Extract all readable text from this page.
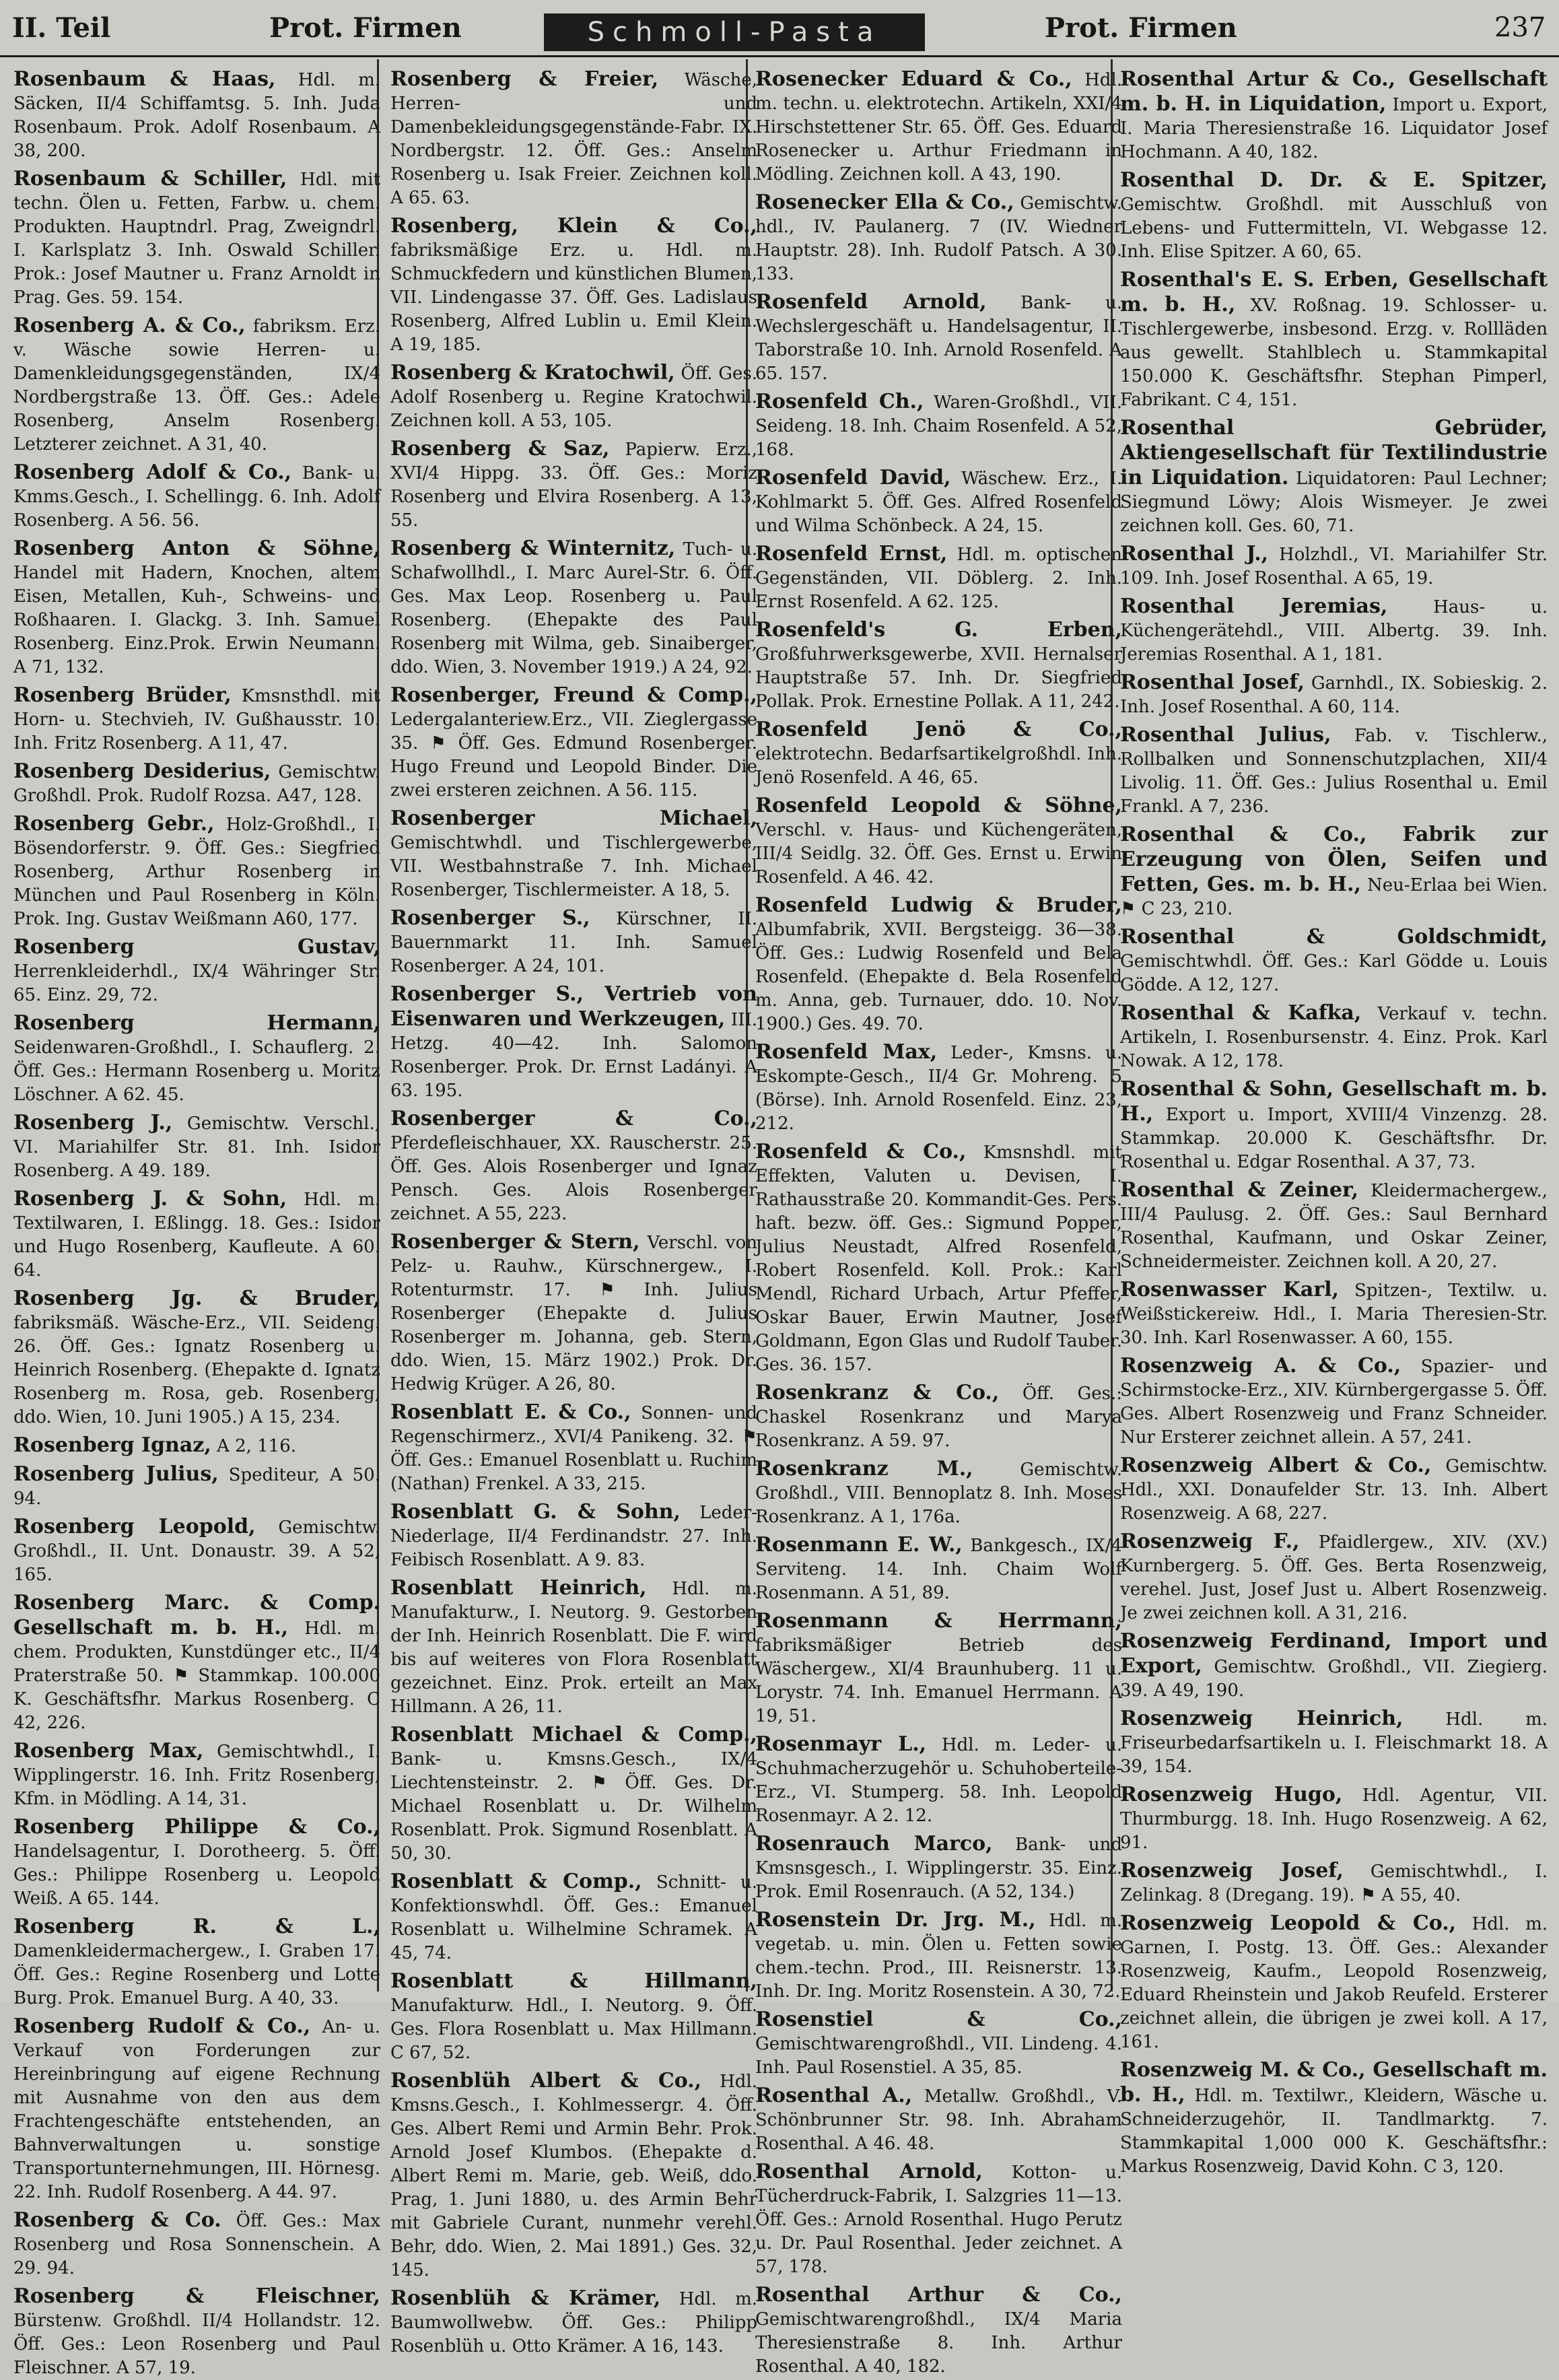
II. Teil	Prot. Firmen	Schmoll-Pasta	Prot. Firmen	237
Rosenbaum & Haas, Hdl. m. Säcken, II/4 Schiffamtsg. 5. Inh. Juda Rosenbaum. Prok. Adolf Rosenbaum. A 38, 200.
Rosenbaum & Schiller, Hdl. mit techn. Ölen u. Fetten, Farbw. u. chem. Produkten. Hauptndrl. Prag, Zweigndrl. I. Karlsplatz 3. Inh. Oswald Schiller. Prok.: Josef Mautner u. Franz Arnoldt in Prag. Ges. 59. 154.
Rosenberg A. & Co., fabriksm. Erz. v. Wäsche sowie Herren- u. Damenkleidungsgegenständen, IX/4 Nordbergstraße 13. Öff. Ges.: Adele Rosenberg, Anselm Rosenberg. Letzterer zeichnet. A 31, 40.
Rosenberg Adolf & Co., Bank- u. Kmms.Gesch., I. Schellingg. 6. Inh. Adolf Rosenberg. A 56. 56.
Rosenberg Anton & Söhne, Handel mit Hadern, Knochen, altem Eisen, Metallen, Kuh-, Schweins- und Roßhaaren. I. Glackg. 3. Inh. Samuel Rosenberg. Einz.Prok. Erwin Neumann. A 71, 132.
Rosenberg Brüder, Kmsnsthdl. mit Horn- u. Stechvieh, IV. Gußhausstr. 10. Inh. Fritz Rosenberg. A 11, 47.
Rosenberg Desiderius, Gemischtw. Großhdl. Prok. Rudolf Rozsa. A47, 128.
Rosenberg Gebr., Holz-Großhdl., I. Bösendorferstr. 9. Öff. Ges.: Siegfried Rosenberg, Arthur Rosenberg in München und Paul Rosenberg in Köln. Prok. Ing. Gustav Weißmann A60, 177.
Rosenberg Gustav, Herrenkleiderhdl., IX/4 Währinger Str. 65. Einz. 29, 72.
Rosenberg Hermann, Seidenwaren-Großhdl., I. Schauflerg. 2. Öff. Ges.: Hermann Rosenberg u. Moritz Löschner. A 62. 45.
Rosenberg J., Gemischtw. Verschl., VI. Mariahilfer Str. 81. Inh. Isidor Rosenberg. A 49. 189.
Rosenberg J. & Sohn, Hdl. m. Textilwaren, I. Eßlingg. 18. Ges.: Isidor und Hugo Rosenberg, Kaufleute. A 60. 64.
Rosenberg Jg. & Bruder, fabriksmäß. Wäsche-Erz., VII. Seideng. 26. Öff. Ges.: Ignatz Rosenberg u. Heinrich Rosenberg. (Ehepakte d. Ignatz Rosenberg m. Rosa, geb. Rosenberg, ddo. Wien, 10. Juni 1905.) A 15, 234.
Rosenberg Ignaz, A 2, 116.
Rosenberg Julius, Spediteur, A 50. 94.
Rosenberg Leopold, Gemischtw. Großhdl., II. Unt. Donaustr. 39. A 52, 165.
Rosenberg Marc. & Comp. Gesellschaft m. b. H., Hdl. m. chem. Produkten, Kunstdünger etc., II/4 Praterstraße 50. ⚑ Stammkap. 100.000 K. Geschäftsfhr. Markus Rosenberg. C 42, 226.
Rosenberg Max, Gemischtwhdl., I. Wipplingerstr. 16. Inh. Fritz Rosenberg, Kfm. in Mödling. A 14, 31.
Rosenberg Philippe & Co., Handelsagentur, I. Dorotheerg. 5. Öff. Ges.: Philippe Rosenberg u. Leopold Weiß. A 65. 144.
Rosenberg R. & L., Damenkleidermachergew., I. Graben 17. Öff. Ges.: Regine Rosenberg und Lotte Burg. Prok. Emanuel Burg. A 40, 33.
Rosenberg Rudolf & Co., An- u. Verkauf von Forderungen zur Hereinbringung auf eigene Rechnung mit Ausnahme von den aus dem Frachtengeschäfte entstehenden, an Bahnverwaltungen u. sonstige Transportunternehmungen, III. Hörnesg. 22. Inh. Rudolf Rosenberg. A 44. 97.
Rosenberg & Co. Öff. Ges.: Max Rosenberg und Rosa Sonnenschein. A 29. 94.
Rosenberg & Fleischner, Bürstenw. Großhdl. II/4 Hollandstr. 12. Öff. Ges.: Leon Rosenberg und Paul Fleischner. A 57, 19.
Rosenberg & Freier, Wäsche, Herren- und Damenbekleidungsgegenstände-Fabr. IX. Nordbergstr. 12. Öff. Ges.: Anselm Rosenberg u. Isak Freier. Zeichnen koll. A 65. 63.
Rosenberg, Klein & Co., fabriksmäßige Erz. u. Hdl. m. Schmuckfedern und künstlichen Blumen, VII. Lindengasse 37. Öff. Ges. Ladislaus Rosenberg, Alfred Lublin u. Emil Klein. A 19, 185.
Rosenberg & Kratochwil, Öff. Ges. Adolf Rosenberg u. Regine Kratochwil. Zeichnen koll. A 53, 105.
Rosenberg & Saz, Papierw. Erz., XVI/4 Hippg. 33. Öff. Ges.: Moriz Rosenberg und Elvira Rosenberg. A 13, 55.
Rosenberg & Winternitz, Tuch- u. Schafwollhdl., I. Marc Aurel-Str. 6. Öff. Ges. Max Leop. Rosenberg u. Paul Rosenberg. (Ehepakte des Paul Rosenberg mit Wilma, geb. Sinaiberger, ddo. Wien, 3. November 1919.) A 24, 92.
Rosenberger, Freund & Comp., Ledergalanteriew.Erz., VII. Zieglergasse 35. ⚑ Öff. Ges. Edmund Rosenberger. Hugo Freund und Leopold Binder. Die zwei ersteren zeichnen. A 56. 115.
Rosenberger Michael, Gemischtwhdl. und Tischlergewerbe, VII. Westbahnstraße 7. Inh. Michael Rosenberger, Tischlermeister. A 18, 5.
Rosenberger S., Kürschner, II. Bauernmarkt 11. Inh. Samuel Rosenberger. A 24, 101.
Rosenberger S., Vertrieb von Eisenwaren und Werkzeugen, III. Hetzg. 40—42. Inh. Salomon Rosenberger. Prok. Dr. Ernst Ladányi. A 63. 195.
Rosenberger & Co., Pferdefleischhauer, XX. Rauscherstr. 25. Öff. Ges. Alois Rosenberger und Ignaz Pensch. Ges. Alois Rosenberger zeichnet. A 55, 223.
Rosenberger & Stern, Verschl. von Pelz- u. Rauhw., Kürschnergew., I. Rotenturmstr. 17. ⚑ Inh. Julius Rosenberger (Ehepakte d. Julius Rosenberger m. Johanna, geb. Stern, ddo. Wien, 15. März 1902.) Prok. Dr. Hedwig Krüger. A 26, 80.
Rosenblatt E. & Co., Sonnen- und Regenschirmerz., XVI/4 Panikeng. 32. ⚑ Öff. Ges.: Emanuel Rosenblatt u. Ruchim (Nathan) Frenkel. A 33, 215.
Rosenblatt G. & Sohn, Leder-Niederlage, II/4 Ferdinandstr. 27. Inh. Feibisch Rosenblatt. A 9. 83.
Rosenblatt Heinrich, Hdl. m. Manufakturw., I. Neutorg. 9. Gestorben der Inh. Heinrich Rosenblatt. Die F. wird bis auf weiteres von Flora Rosenblatt gezeichnet. Einz. Prok. erteilt an Max Hillmann. A 26, 11.
Rosenblatt Michael & Comp., Bank- u. Kmsns.Gesch., IX/4 Liechtensteinstr. 2. ⚑ Öff. Ges. Dr. Michael Rosenblatt u. Dr. Wilhelm Rosenblatt. Prok. Sigmund Rosenblatt. A 50, 30.
Rosenblatt & Comp., Schnitt- u. Konfektionswhdl. Öff. Ges.: Emanuel Rosenblatt u. Wilhelmine Schramek. A 45, 74.
Rosenblatt & Hillmann, Manufakturw. Hdl., I. Neutorg. 9. Öff. Ges. Flora Rosenblatt u. Max Hillmann. C 67, 52.
Rosenblüh Albert & Co., Hdl. Kmsns.Gesch., I. Kohlmessergr. 4. Öff. Ges. Albert Remi und Armin Behr. Prok. Arnold Josef Klumbos. (Ehepakte d. Albert Remi m. Marie, geb. Weiß, ddo. Prag, 1. Juni 1880, u. des Armin Behr mit Gabriele Curant, nunmehr verehl. Behr, ddo. Wien, 2. Mai 1891.) Ges. 32, 145.
Rosenblüh & Krämer, Hdl. m. Baumwollwebw. Öff. Ges.: Philipp Rosenblüh u. Otto Krämer. A 16, 143.
Rosenecker Eduard & Co., Hdl. m. techn. u. elektrotechn. Artikeln, XXI/4 Hirschstettener Str. 65. Öff. Ges. Eduard Rosenecker u. Arthur Friedmann in Mödling. Zeichnen koll. A 43, 190.
Rosenecker Ella & Co., Gemischtw. hdl., IV. Paulanerg. 7 (IV. Wiedner Hauptstr. 28). Inh. Rudolf Patsch. A 30. 133.
Rosenfeld Arnold, Bank- u. Wechslergeschäft u. Handelsagentur, II. Taborstraße 10. Inh. Arnold Rosenfeld. A 65. 157.
Rosenfeld Ch., Waren-Großhdl., VII. Seideng. 18. Inh. Chaim Rosenfeld. A 52, 168.
Rosenfeld David, Wäschew. Erz., I. Kohlmarkt 5. Öff. Ges. Alfred Rosenfeld und Wilma Schönbeck. A 24, 15.
Rosenfeld Ernst, Hdl. m. optischen Gegenständen, VII. Döblerg. 2. Inh. Ernst Rosenfeld. A 62. 125.
Rosenfeld's G. Erben, Großfuhrwerksgewerbe, XVII. Hernalser Hauptstraße 57. Inh. Dr. Siegfried Pollak. Prok. Ernestine Pollak. A 11, 242.
Rosenfeld Jenö & Co., elektrotechn. Bedarfsartikelgroßhdl. Inh. Jenö Rosenfeld. A 46, 65.
Rosenfeld Leopold & Söhne, Verschl. v. Haus- und Küchengeräten, III/4 Seidlg. 32. Öff. Ges. Ernst u. Erwin Rosenfeld. A 46. 42.
Rosenfeld Ludwig & Bruder, Albumfabrik, XVII. Bergsteigg. 36—38. Öff. Ges.: Ludwig Rosenfeld und Bela Rosenfeld. (Ehepakte d. Bela Rosenfeld m. Anna, geb. Turnauer, ddo. 10. Nov. 1900.) Ges. 49. 70.
Rosenfeld Max, Leder-, Kmsns. u. Eskompte-Gesch., II/4 Gr. Mohreng. 5 (Börse). Inh. Arnold Rosenfeld. Einz. 23, 212.
Rosenfeld & Co., Kmsnshdl. mit Effekten, Valuten u. Devisen, I. Rathausstraße 20. Kommandit-Ges. Pers. haft. bezw. öff. Ges.: Sigmund Popper, Julius Neustadt, Alfred Rosenfeld, Robert Rosenfeld. Koll. Prok.: Karl Mendl, Richard Urbach, Artur Pfeffer, Oskar Bauer, Erwin Mautner, Josef Goldmann, Egon Glas und Rudolf Tauber. Ges. 36. 157.
Rosenkranz & Co., Öff. Ges.: Chaskel Rosenkranz und Marya Rosenkranz. A 59. 97.
Rosenkranz M., Gemischtw. Großhdl., VIII. Bennoplatz 8. Inh. Moses Rosenkranz. A 1, 176a.
Rosenmann E. W., Bankgesch., IX/4 Serviteng. 14. Inh. Chaim Wolf Rosenmann. A 51, 89.
Rosenmann & Herrmann, fabriksmäßiger Betrieb des Wäschergew., XI/4 Braunhuberg. 11 u. Lorystr. 74. Inh. Emanuel Herrmann. A 19, 51.
Rosenmayr L., Hdl. m. Leder- u. Schuhmacherzugehör u. Schuhoberteile-Erz., VI. Stumperg. 58. Inh. Leopold Rosenmayr. A 2. 12.
Rosenrauch Marco, Bank- und Kmsnsgesch., I. Wipplingerstr. 35. Einz. Prok. Emil Rosenrauch. (A 52, 134.)
Rosenstein Dr. Jrg. M., Hdl. m. vegetab. u. min. Ölen u. Fetten sowie chem.-techn. Prod., III. Reisnerstr. 13. Inh. Dr. Ing. Moritz Rosenstein. A 30, 72.
Rosenstiel & Co., Gemischtwarengroßhdl., VII. Lindeng. 4. Inh. Paul Rosenstiel. A 35, 85.
Rosenthal A., Metallw. Großhdl., V. Schönbrunner Str. 98. Inh. Abraham Rosenthal. A 46. 48.
Rosenthal Arnold, Kotton- u. Tücherdruck-Fabrik, I. Salzgries 11—13. Öff. Ges.: Arnold Rosenthal. Hugo Perutz u. Dr. Paul Rosenthal. Jeder zeichnet. A 57, 178.
Rosenthal Arthur & Co., Gemischtwarengroßhdl., IX/4 Maria Theresienstraße 8. Inh. Arthur Rosenthal. A 40, 182.
Rosenthal Artur & Co., Gesellschaft m. b. H. in Liquidation, Import u. Export, I. Maria Theresienstraße 16. Liquidator Josef Hochmann. A 40, 182.
Rosenthal D. Dr. & E. Spitzer, Gemischtw. Großhdl. mit Ausschluß von Lebens- und Futtermitteln, VI. Webgasse 12. Inh. Elise Spitzer. A 60, 65.
Rosenthal's E. S. Erben, Gesellschaft m. b. H., XV. Roßnag. 19. Schlosser- u. Tischlergewerbe, insbesond. Erzg. v. Rollläden aus gewellt. Stahlblech u. Stammkapital 150.000 K. Geschäftsfhr. Stephan Pimperl, Fabrikant. C 4, 151.
Rosenthal Gebrüder, Aktiengesellschaft für Textilindustrie in Liquidation. Liquidatoren: Paul Lechner; Siegmund Löwy; Alois Wismeyer. Je zwei zeichnen koll. Ges. 60, 71.
Rosenthal J., Holzhdl., VI. Mariahilfer Str. 109. Inh. Josef Rosenthal. A 65, 19.
Rosenthal Jeremias, Haus- u. Küchengerätehdl., VIII. Albertg. 39. Inh. Jeremias Rosenthal. A 1, 181.
Rosenthal Josef, Garnhdl., IX. Sobieskig. 2. Inh. Josef Rosenthal. A 60, 114.
Rosenthal Julius, Fab. v. Tischlerw., Rollbalken und Sonnenschutzplachen, XII/4 Livolig. 11. Öff. Ges.: Julius Rosenthal u. Emil Frankl. A 7, 236.
Rosenthal & Co., Fabrik zur Erzeugung von Ölen, Seifen und Fetten, Ges. m. b. H., Neu-Erlaa bei Wien. ⚑ C 23, 210.
Rosenthal & Goldschmidt, Gemischtwhdl. Öff. Ges.: Karl Gödde u. Louis Gödde. A 12, 127.
Rosenthal & Kafka, Verkauf v. techn. Artikeln, I. Rosenbursenstr. 4. Einz. Prok. Karl Nowak. A 12, 178.
Rosenthal & Sohn, Gesellschaft m. b. H., Export u. Import, XVIII/4 Vinzenzg. 28. Stammkap. 20.000 K. Geschäftsfhr. Dr. Rosenthal u. Edgar Rosenthal. A 37, 73.
Rosenthal & Zeiner, Kleidermachergew., III/4 Paulusg. 2. Öff. Ges.: Saul Bernhard Rosenthal, Kaufmann, und Oskar Zeiner, Schneidermeister. Zeichnen koll. A 20, 27.
Rosenwasser Karl, Spitzen-, Textilw. u. Weißstickereiw. Hdl., I. Maria Theresien-Str. 30. Inh. Karl Rosenwasser. A 60, 155.
Rosenzweig A. & Co., Spazier- und Schirmstocke-Erz., XIV. Kürnbergergasse 5. Öff. Ges. Albert Rosenzweig und Franz Schneider. Nur Ersterer zeichnet allein. A 57, 241.
Rosenzweig Albert & Co., Gemischtw. Hdl., XXI. Donaufelder Str. 13. Inh. Albert Rosenzweig. A 68, 227.
Rosenzweig F., Pfaidlergew., XIV. (XV.) Kurnbergerg. 5. Öff. Ges. Berta Rosenzweig, verehel. Just, Josef Just u. Albert Rosenzweig. Je zwei zeichnen koll. A 31, 216.
Rosenzweig Ferdinand, Import und Export, Gemischtw. Großhdl., VII. Ziegierg. 39. A 49, 190.
Rosenzweig Heinrich, Hdl. m. Friseurbedarfsartikeln u. I. Fleischmarkt 18. A 39, 154.
Rosenzweig Hugo, Hdl. Agentur, VII. Thurmburgg. 18. Inh. Hugo Rosenzweig. A 62, 91.
Rosenzweig Josef, Gemischtwhdl., I. Zelinkag. 8 (Dregang. 19). ⚑ A 55, 40.
Rosenzweig Leopold & Co., Hdl. m. Garnen, I. Postg. 13. Öff. Ges.: Alexander Rosenzweig, Kaufm., Leopold Rosenzweig, Eduard Rheinstein und Jakob Reufeld. Ersterer zeichnet allein, die übrigen je zwei koll. A 17, 161.
Rosenzweig M. & Co., Gesellschaft m. b. H., Hdl. m. Textilwr., Kleidern, Wäsche u. Schneiderzugehör, II. Tandlmarktg. 7. Stammkapital 1,000 000 K. Geschäftsfhr.: Markus Rosenzweig, David Kohn. C 3, 120.
